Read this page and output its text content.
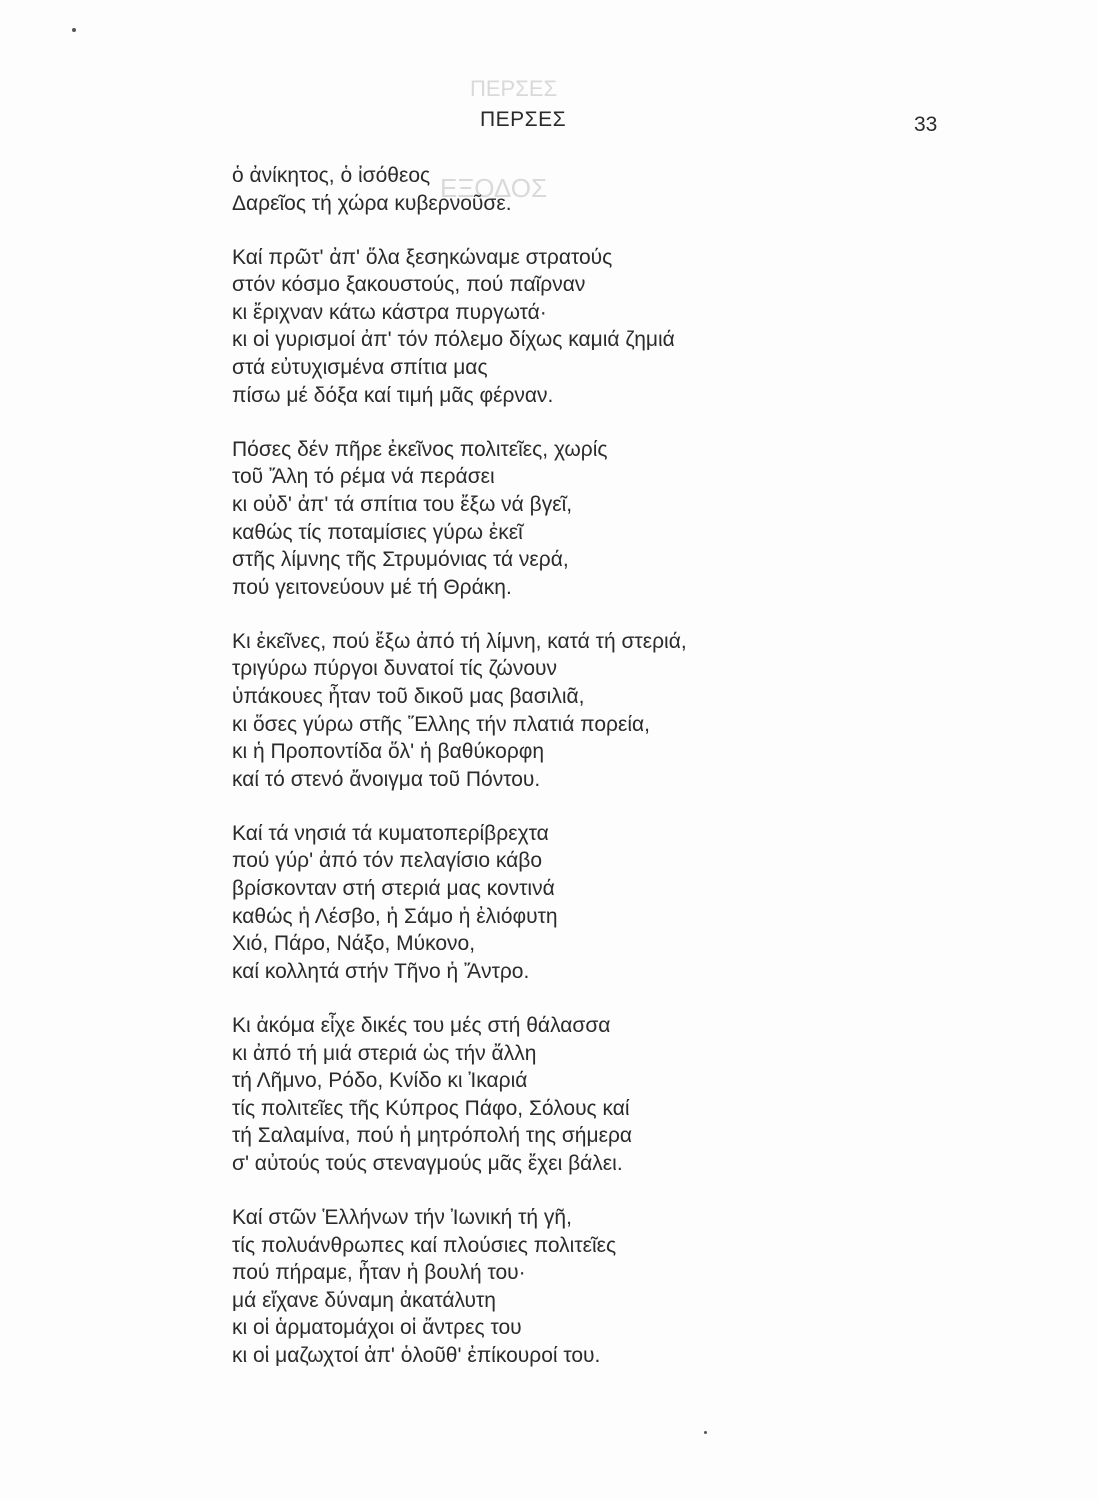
ΠΕΡΣΕΣ
ΕΞΟΔΟΣ
ΠΕΡΣΕΣ	33
ὁ ἀνίκητος, ὁ ἰσόθεος
Δαρεῖος τή χώρα κυβερνοῦσε.
Καί πρῶτ' ἀπ' ὅλα ξεσηκώναμε στρατούς
στόν κόσμο ξακουστούς, πού παῖρναν
κι ἔριχναν κάτω κάστρα πυργωτά·
κι οἱ γυρισμοί ἀπ' τόν πόλεμο δίχως καμιά ζημιά
στά εὐτυχισμένα σπίτια μας
πίσω μέ δόξα καί τιμή μᾶς φέρναν.
Πόσες δέν πῆρε ἐκεῖνος πολιτεῖες, χωρίς
τοῦ Ἄλη τό ρέμα νά περάσει
κι οὐδ' ἀπ' τά σπίτια του ἔξω νά βγεῖ,
καθώς τίς ποταμίσιες γύρω ἐκεῖ
στῆς λίμνης τῆς Στρυμόνιας τά νερά,
πού γειτονεύουν μέ τή Θράκη.
Κι ἐκεῖνες, πού ἔξω ἀπό τή λίμνη, κατά τή στεριά,
τριγύρω πύργοι δυνατοί τίς ζώνουν
ὑπάκουες ἦταν τοῦ δικοῦ μας βασιλιᾶ,
κι ὅσες γύρω στῆς Ἕλλης τήν πλατιά πορεία,
κι ἡ Προποντίδα ὅλ' ἡ βαθύκορφη
καί τό στενό ἄνοιγμα τοῦ Πόντου.
Καί τά νησιά τά κυματοπερίβρεχτα
πού γύρ' ἀπό τόν πελαγίσιο κάβο
βρίσκονταν στή στεριά μας κοντινά
καθώς ἡ Λέσβο, ἡ Σάμο ἡ ἐλιόφυτη
Χιό, Πάρο, Νάξο, Μύκονο,
καί κολλητά στήν Τῆνο ἡ Ἄντρο.
Κι ἀκόμα εἶχε δικές του μές στή θάλασσα
κι ἀπό τή μιά στεριά ὡς τήν ἄλλη
τή Λῆμνο, Ρόδο, Κνίδο κι Ἰκαριά
τίς πολιτεῖες τῆς Κύπρος Πάφο, Σόλους καί
τή Σαλαμίνα, πού ἡ μητρόπολή της σήμερα
σ' αὐτούς τούς στεναγμούς μᾶς ἔχει βάλει.
Καί στῶν Ἑλλήνων τήν Ἰωνική τή γῆ,
τίς πολυάνθρωπες καί πλούσιες πολιτεῖες
πού πήραμε, ἦταν ἡ βουλή του·
μά εἴχανε δύναμη ἀκατάλυτη
κι οἱ ἁρματομάχοι οἱ ἄντρες του
κι οἱ μαζωχτοί ἀπ' ὁλοῦθ' ἐπίκουροί του.
